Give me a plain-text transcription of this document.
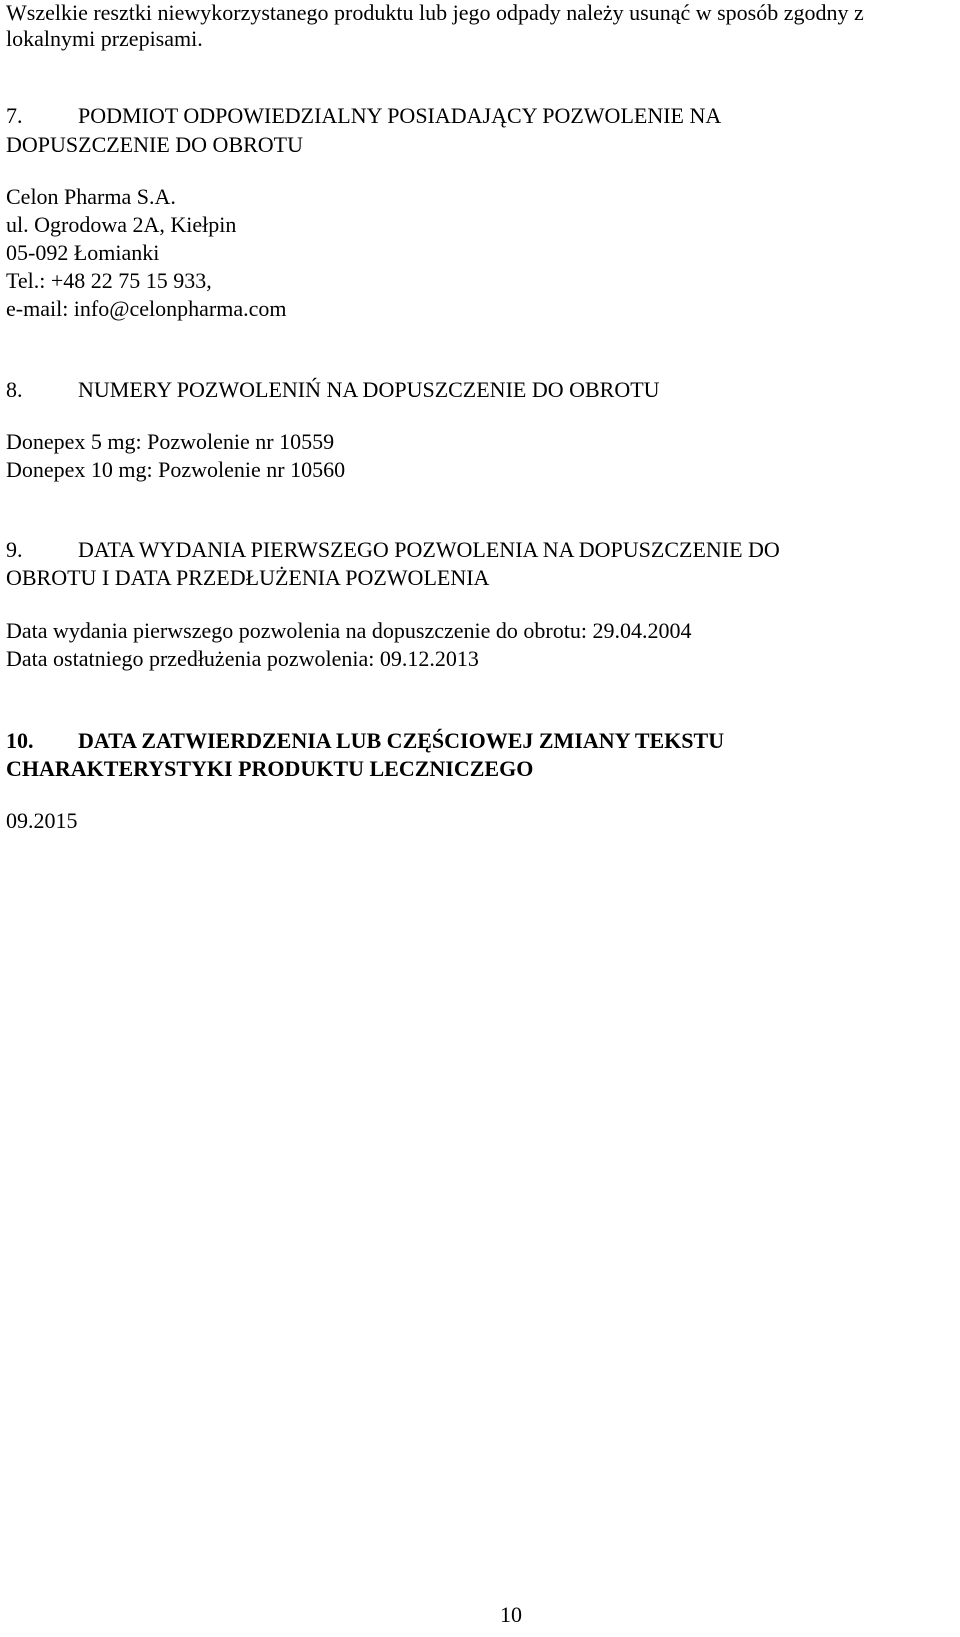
Wszelkie resztki niewykorzystanego produktu lub jego odpady należy usunąć w sposób zgodny z
lokalnymi przepisami.
7.	PODMIOT ODPOWIEDZIALNY POSIADAJĄCY POZWOLENIE NA
DOPUSZCZENIE DO OBROTU
Celon Pharma S.A.
ul. Ogrodowa 2A, Kiełpin
05-092 Łomianki
Tel.: +48 22 75 15 933,
e-mail: info@celonpharma.com
8.	NUMERY POZWOLENIŃ NA DOPUSZCZENIE DO OBROTU
Donepex 5 mg: Pozwolenie nr 10559
Donepex 10 mg: Pozwolenie nr 10560
9.	DATA WYDANIA PIERWSZEGO POZWOLENIA NA DOPUSZCZENIE DO
OBROTU I DATA PRZEDŁUŻENIA POZWOLENIA
Data wydania pierwszego pozwolenia na dopuszczenie do obrotu: 29.04.2004
Data ostatniego przedłużenia pozwolenia: 09.12.2013
10. DATA ZATWIERDZENIA LUB CZĘŚCIOWEJ ZMIANY TEKSTU
CHARAKTERYSTYKI PRODUKTU LECZNICZEGO
09.2015
10
